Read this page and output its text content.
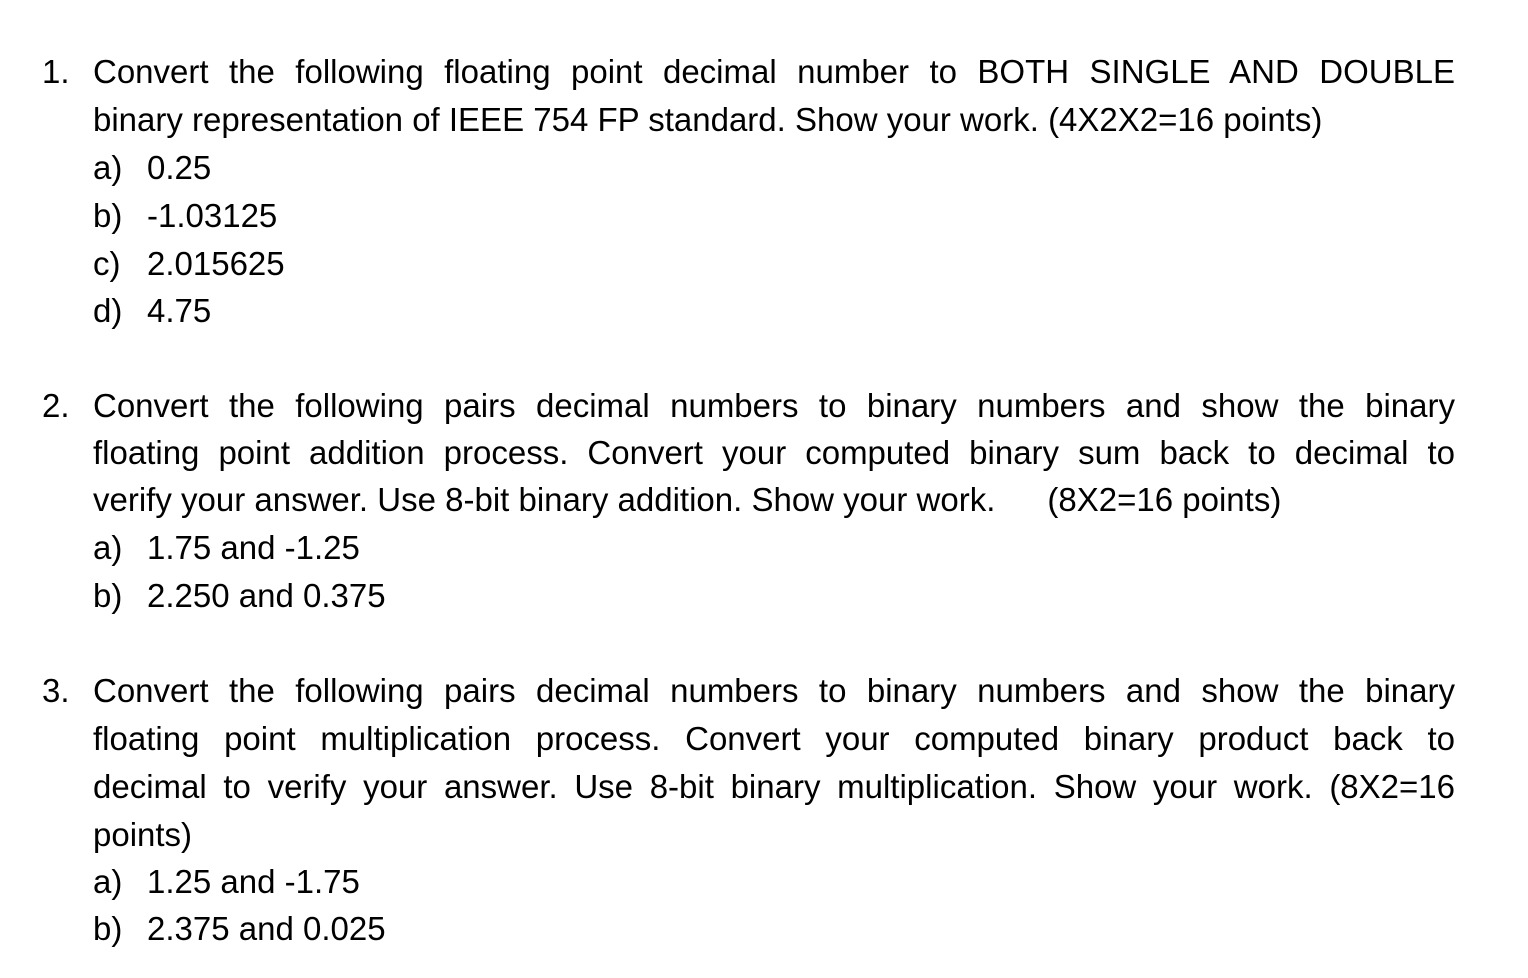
1. Convert the following floating point decimal number to BOTH SINGLE AND DOUBLE
binary representation of IEEE 754 FP standard. Show your work. (4X2X2=16 points)
a) 0.25
b) -1.03125
c) 2.015625
d) 4.75
2. Convert the following pairs decimal numbers to binary numbers and show the binary
floating point addition process. Convert your computed binary sum back to decimal to
verify your answer. Use 8-bit binary addition. Show your work. (8X2=16 points)
a) 1.75 and -1.25
b) 2.250 and 0.375
3. Convert the following pairs decimal numbers to binary numbers and show the binary
floating point multiplication process. Convert your computed binary product back to
decimal to verify your answer. Use 8-bit binary multiplication. Show your work. (8X2=16
points)
a) 1.25 and -1.75
b) 2.375 and 0.025
